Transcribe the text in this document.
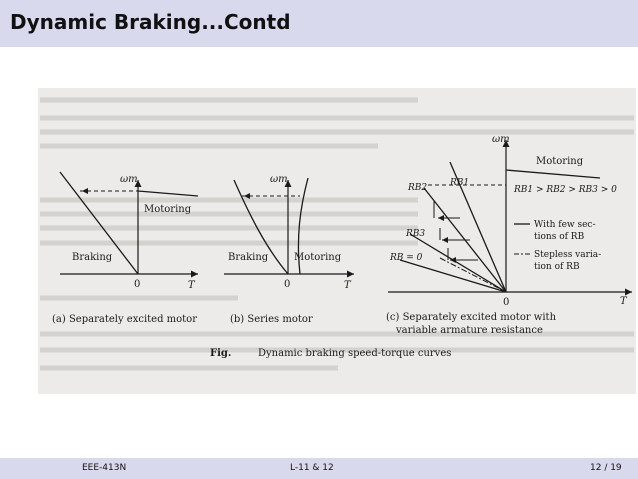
Dynamic Braking...Contd
ωm
Motoring
Braking
0	T
(a) Separately excited motor
ωm
Braking	Motoring
0	T
(b) Series motor
ωm
Motoring
RB2	RB1
RB3
RB = 0
RB1 > RB2 > RB3 > 0
With few sec-
tions of RB
Stepless varia-
tion of RB
0	T
(c) Separately excited motor with
variable armature resistance
Fig.	Dynamic braking speed-torque curves
EEE-413N	L-11 & 12	12 / 19
